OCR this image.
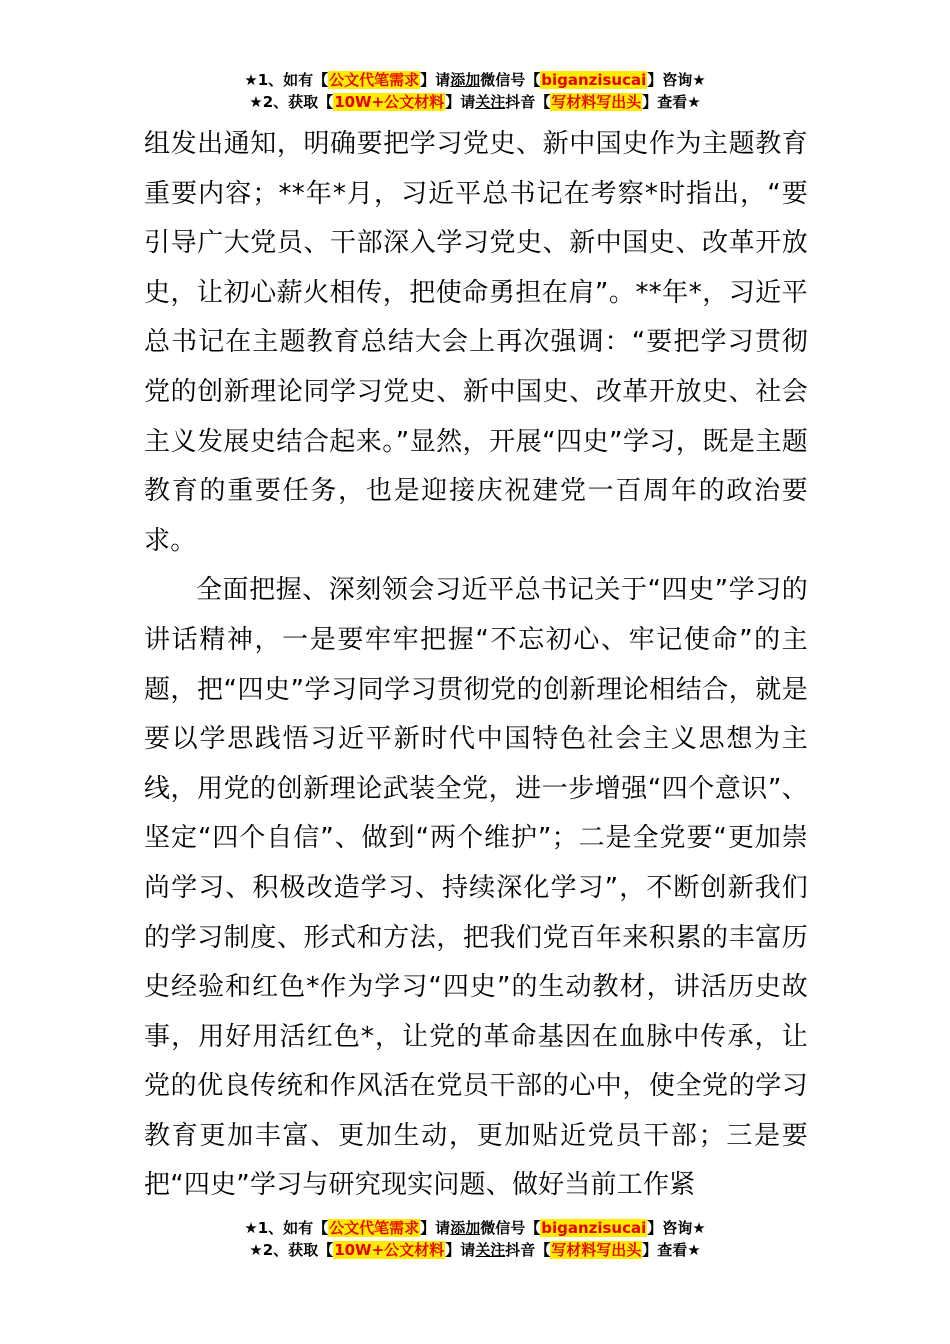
★1、如有【公文代笔需求】请添加微信号【biganzisucai】咨询★
★2、获取【10W+公文材料】请关注抖音【写材料写出头】查看★

组发出通知，明确要把学习党史、新中国史作为主题教育重要内容；**年*月，习近平总书记在考察*时指出，“要引导广大党员、干部深入学习党史、新中国史、改革开放史，让初心薪火相传，把使命勇担在肩”。**年*，习近平总书记在主题教育总结大会上再次强调：“要把学习贯彻党的创新理论同学习党史、新中国史、改革开放史、社会主义发展史结合起来。”显然，开展“四史”学习，既是主题教育的重要任务，也是迎接庆祝建党一百周年的政治要求。

全面把握、深刻领会习近平总书记关于“四史”学习的讲话精神，一是要牢牢把握“不忘初心、牢记使命”的主题，把“四史”学习同学习贯彻党的创新理论相结合，就是要以学思践悟习近平新时代中国特色社会主义思想为主线，用党的创新理论武装全党，进一步增强“四个意识”、坚定“四个自信”、做到“两个维护”；二是全党要“更加崇尚学习、积极改造学习、持续深化学习”，不断创新我们的学习制度、形式和方法，把我们党百年来积累的丰富历史经验和红色*作为学习“四史”的生动教材，讲活历史故事，用好用活红色*，让党的革命基因在血脉中传承，让党的优良传统和作风活在党员干部的心中，使全党的学习教育更加丰富、更加生动，更加贴近党员干部；三是要把“四史”学习与研究现实问题、做好当前工作紧

★1、如有【公文代笔需求】请添加微信号【biganzisucai】咨询★
★2、获取【10W+公文材料】请关注抖音【写材料写出头】查看★
